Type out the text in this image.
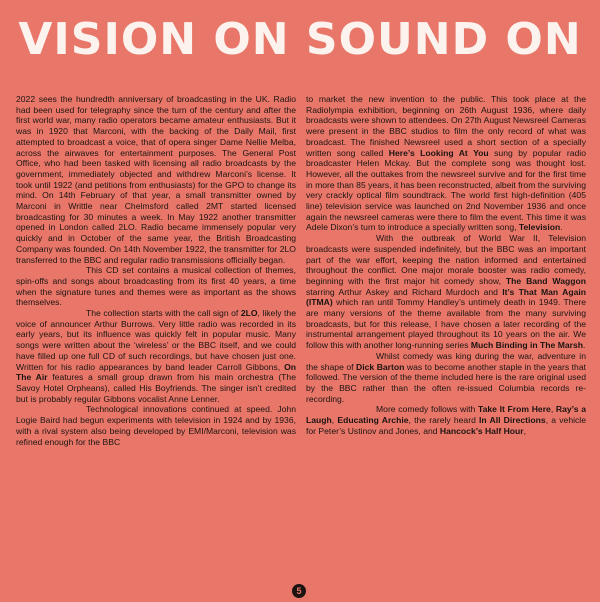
VISION ON SOUND ON

2022 sees the hundredth anniversary of broadcasting in the UK. Radio had been used for telegraphy since the turn of the century and after the first world war, many radio operators became amateur enthusiasts. But it was in 1920 that Marconi, with the backing of the Daily Mail, first attempted to broadcast a voice, that of opera singer Dame Nellie Melba, across the airwaves for entertainment purposes. The General Post Office, who had been tasked with licensing all radio broadcasts by the government, immediately objected and withdrew Marconi’s license. It took until 1922 (and petitions from enthusiasts) for the GPO to change its mind. On 14th February of that year, a small transmitter owned by Marconi in Writtle near Chelmsford called 2MT started licensed broadcasting for 30 minutes a week. In May 1922 another transmitter opened in London called 2LO. Radio became immensely popular very quickly and in October of the same year, the British Broadcasting Company was founded. On 14th November 1922, the transmitter for 2LO transferred to the BBC and regular radio transmissions officially began.

This CD set contains a musical collection of themes, spin-offs and songs about broadcasting from its first 40 years, a time when the signature tunes and themes were as important as the shows themselves.

The collection starts with the call sign of 2LO, likely the voice of announcer Arthur Burrows. Very little radio was recorded in its early years, but its influence was quickly felt in popular music. Many songs were written about the ‘wireless’ or the BBC itself, and we could have filled up one full CD of such recordings, but have chosen just one. Written for his radio appearances by band leader Carroll Gibbons, On The Air features a small group drawn from his main orchestra (The Savoy Hotel Orpheans), called His Boyfriends. The singer isn’t credited but is probably regular Gibbons vocalist Anne Lenner.

Technological innovations continued at speed. John Logie Baird had begun experiments with television in 1924 and by 1936, with a rival system also being developed by EMI/Marconi, television was refined enough for the BBC

to market the new invention to the public. This took place at the Radiolympia exhibition, beginning on 26th August 1936, where daily broadcasts were shown to attendees. On 27th August Newsreel Cameras were present in the BBC studios to film the only record of what was broadcast. The finished Newsreel used a short section of a specially written song called Here’s Looking At You sung by popular radio broadcaster Helen Mckay. But the complete song was thought lost. However, all the outtakes from the newsreel survive and for the first time in more than 85 years, it has been reconstructed, albeit from the surviving very crackly optical film soundtrack. The world first high-definition (405 line) television service was launched on 2nd November 1936 and once again the newsreel cameras were there to film the event. This time it was Adele Dixon’s turn to introduce a specially written song, Television.

With the outbreak of World War II, Television broadcasts were suspended indefinitely, but the BBC was an important part of the war effort, keeping the nation informed and entertained throughout the conflict. One major morale booster was radio comedy, beginning with the first major hit comedy show, The Band Waggon starring Arthur Askey and Richard Murdoch and It’s That Man Again (ITMA) which ran until Tommy Handley’s untimely death in 1949. There are many versions of the theme available from the many surviving broadcasts, but for this release, I have chosen a later recording of the instrumental arrangement played throughout its 10 years on the air. We follow this with another long-running series Much Binding in The Marsh.

Whilst comedy was king during the war, adventure in the shape of Dick Barton was to become another staple in the years that followed. The version of the theme included here is the rare original used by the BBC rather than the often re-issued Columbia records re-recording.

More comedy follows with Take It From Here, Ray’s a Laugh, Educating Archie, the rarely heard In All Directions, a vehicle for Peter’s Ustinov and Jones, and Hancock’s Half Hour,

5
